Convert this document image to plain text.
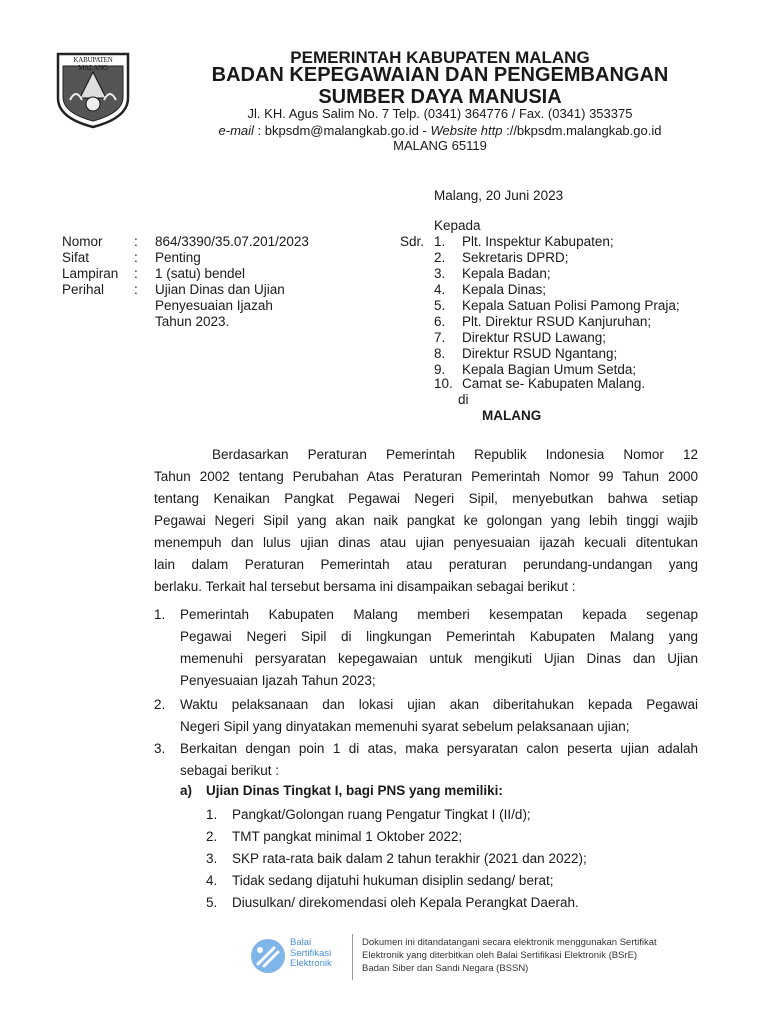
KABUPATEN MALANG
PEMERINTAH KABUPATEN MALANG
BADAN KEPEGAWAIAN DAN PENGEMBANGAN
SUMBER DAYA MANUSIA
Jl. KH. Agus Salim No. 7 Telp. (0341) 364776 / Fax. (0341) 353375
e-mail : bkpsdm@malangkab.go.id - Website http ://bkpsdm.malangkab.go.id
MALANG 65119
Malang, 20 Juni 2023
Nomor : 864/3390/35.07.201/2023
Sifat	: Penting
Lampiran : 1 (satu) bendel
Perihal : Ujian Dinas dan Ujian
Penyesuaian Ijazah
Tahun 2023.
Kepada
Sdr. 1. Plt. Inspektur Kabupaten;
2. Sekretaris DPRD;
3. Kepala Badan;
4. Kepala Dinas;
5. Kepala Satuan Polisi Pamong Praja;
6. Plt. Direktur RSUD Kanjuruhan;
7. Direktur RSUD Lawang;
8. Direktur RSUD Ngantang;
9. Kepala Bagian Umum Setda;
10. Camat se- Kabupaten Malang.
di
MALANG
Berdasarkan Peraturan Pemerintah Republik Indonesia Nomor 12
Tahun 2002 tentang Perubahan Atas Peraturan Pemerintah Nomor 99 Tahun 2000
tentang Kenaikan Pangkat Pegawai Negeri Sipil, menyebutkan bahwa setiap
Pegawai Negeri Sipil yang akan naik pangkat ke golongan yang lebih tinggi wajib
menempuh dan lulus ujian dinas atau ujian penyesuaian ijazah kecuali ditentukan
lain dalam Peraturan Pemerintah atau peraturan perundang-undangan yang
berlaku. Terkait hal tersebut bersama ini disampaikan sebagai berikut :
1. Pemerintah Kabupaten Malang memberi kesempatan kepada segenap
Pegawai Negeri Sipil di lingkungan Pemerintah Kabupaten Malang yang
memenuhi persyaratan kepegawaian untuk mengikuti Ujian Dinas dan Ujian
Penyesuaian Ijazah Tahun 2023;
2. Waktu pelaksanaan dan lokasi ujian akan diberitahukan kepada Pegawai
Negeri Sipil yang dinyatakan memenuhi syarat sebelum pelaksanaan ujian;
3. Berkaitan dengan poin 1 di atas, maka persyaratan calon peserta ujian adalah
sebagai berikut :
a) Ujian Dinas Tingkat I, bagi PNS yang memiliki:
1. Pangkat/Golongan ruang Pengatur Tingkat I (II/d);
2. TMT pangkat minimal 1 Oktober 2022;
3. SKP rata-rata baik dalam 2 tahun terakhir (2021 dan 2022);
4. Tidak sedang dijatuhi hukuman disiplin sedang/ berat;
5. Diusulkan/ direkomendasi oleh Kepala Perangkat Daerah.
Balai
Sertifikasi
Elektronik
Dokumen ini ditandatangani secara elektronik menggunakan Sertifikat
Elektronik yang diterbitkan oleh Balai Sertifikasi Elektronik (BSrE)
Badan Siber dan Sandi Negara (BSSN)
